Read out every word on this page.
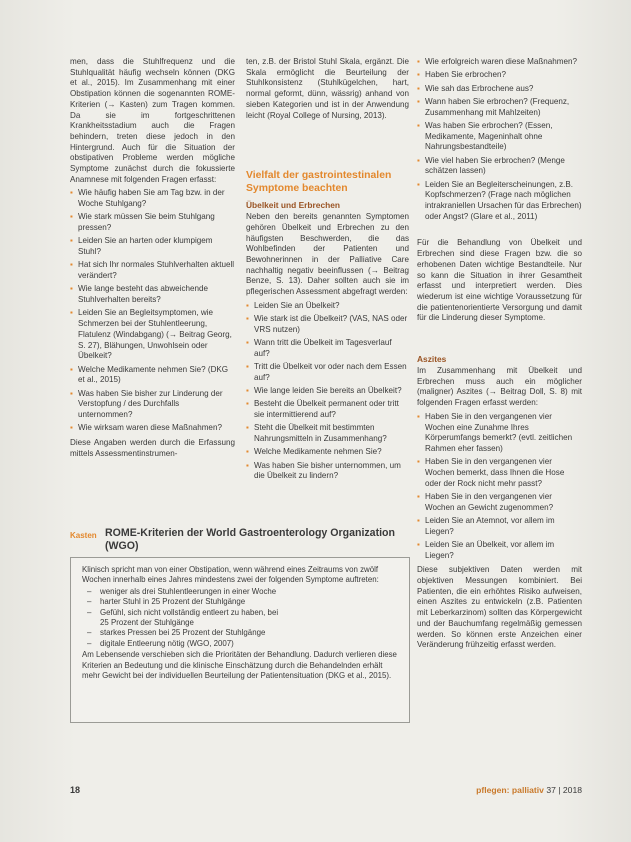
men, dass die Stuhlfrequenz und die Stuhlqualität häufig wechseln können (DKG et al., 2015). Im Zusammenhang mit einer Obstipation können die sogenannten ROME-Kriterien (→ Kasten) zum Tragen kommen. Da sie im fortgeschrittenen Krankheitsstadium auch die Fragen behindern, treten diese jedoch in den Hintergrund. Auch für die Situation der obstipativen Probleme werden mögliche Symptome zunächst durch die fokussierte Anamnese mit folgenden Fragen erfasst:

▪ Wie häufig haben Sie am Tag bzw. in der Woche Stuhlgang?
▪ Wie stark müssen Sie beim Stuhlgang pressen?
▪ Leiden Sie an harten oder klumpigem Stuhl?
▪ Hat sich Ihr normales Stuhlverhalten aktuell verändert?
▪ Wie lange besteht das abweichende Stuhlverhalten bereits?
▪ Leiden Sie an Begleitsymptomen, wie Schmerzen bei der Stuhlentleerung, Flatulenz (Windabgang) (→ Beitrag Georg, S. 27), Blähungen, Unwohlsein oder Übelkeit?
▪ Welche Medikamente nehmen Sie? (DKG et al., 2015)
▪ Was haben Sie bisher zur Linderung der Verstopfung / des Durchfalls unternommen?
▪ Wie wirksam waren diese Maßnahmen?

Diese Angaben werden durch die Erfassung mittels Assessmentinstrumen-

ten, z.B. der Bristol Stuhl Skala, ergänzt. Die Skala ermöglicht die Beurteilung der Stuhlkonsistenz (Stuhlkügelchen, hart, normal geformt, dünn, wässrig) anhand von sieben Kategorien und ist in der Anwendung leicht (Royal College of Nursing, 2013).

Vielfalt der gastrointestinalen Symptome beachten
Übelkeit und Erbrechen

Neben den bereits genannten Symptomen gehören Übelkeit und Erbrechen zu den häufigsten Beschwerden, die das Wohlbefinden der Patienten und Bewohnerinnen in der Palliative Care nachhaltig negativ beeinflussen (→ Beitrag Benze, S. 13). Daher sollten auch sie im pflegerischen Assessment abgefragt werden:

▪ Leiden Sie an Übelkeit?
▪ Wie stark ist die Übelkeit? (VAS, NAS oder VRS nutzen)
▪ Wann tritt die Übelkeit im Tagesverlauf auf?
▪ Tritt die Übelkeit vor oder nach dem Essen auf?
▪ Wie lange leiden Sie bereits an Übelkeit?
▪ Besteht die Übelkeit permanent oder tritt sie intermittierend auf?
▪ Steht die Übelkeit mit bestimmten Nahrungsmitteln in Zusammenhang?
▪ Welche Medikamente nehmen Sie?
▪ Was haben Sie bisher unternommen, um die Übelkeit zu lindern?
▪ Wie erfolgreich waren diese Maßnahmen?
▪ Haben Sie erbrochen?
▪ Wie sah das Erbrochene aus?
▪ Wann haben Sie erbrochen? (Frequenz, Zusammenhang mit Mahlzeiten)
▪ Was haben Sie erbrochen? (Essen, Medikamente, Mageninhalt ohne Nahrungsbestandteile)
▪ Wie viel haben Sie erbrochen? (Menge schätzen lassen)
▪ Leiden Sie an Begleiterscheinungen, z.B. Kopfschmerzen? (Frage nach möglichen intrakraniellen Ursachen für das Erbrechen) oder Angst? (Glare et al., 2011)

Für die Behandlung von Übelkeit und Erbrechen sind diese Fragen bzw. die so erhobenen Daten wichtige Bestandteile. Nur so kann die Situation in ihrer Gesamtheit erfasst und interpretiert werden. Dies wiederum ist eine wichtige Voraussetzung für die patientenorientierte Versorgung und damit für die Linderung dieser Symptome.

Aszites

Im Zusammenhang mit Übelkeit und Erbrechen muss auch ein möglicher (maligner) Aszites (→ Beitrag Doll, S. 8) mit folgenden Fragen erfasst werden:

▪ Haben Sie in den vergangenen vier Wochen eine Zunahme Ihres Körperumfangs bemerkt? (evtl. zeitlichen Rahmen eher fassen)
▪ Haben Sie in den vergangenen vier Wochen bemerkt, dass Ihnen die Hose oder der Rock nicht mehr passt?
▪ Haben Sie in den vergangenen vier Wochen an Gewicht zugenommen?
▪ Leiden Sie an Atemnot, vor allem im Liegen?
▪ Leiden Sie an Übelkeit, vor allem im Liegen?

Diese subjektiven Daten werden mit objektiven Messungen kombiniert. Bei Patienten, die ein erhöhtes Risiko aufweisen, einen Aszites zu entwickeln (z.B. Patienten mit Leberkarzinom) sollten das Körpergewicht und der Bauchumfang regelmäßig gemessen werden. So können erste Anzeichen einer Veränderung frühzeitig erfasst werden.

Kasten ROME-Kriterien der World Gastroenterology Organization (WGO)

Klinisch spricht man von einer Obstipation, wenn während eines Zeitraums von zwölf Wochen innerhalb eines Jahres mindestens zwei der folgenden Symptome auftreten:

– weniger als drei Stuhlentleerungen in einer Woche
– harter Stuhl in 25 Prozent der Stuhlgänge
– Gefühl, sich nicht vollständig entleert zu haben, bei 25 Prozent der Stuhlgänge
– starkes Pressen bei 25 Prozent der Stuhlgänge
– digitale Entleerung nötig (WGO, 2007)

Am Lebensende verschieben sich die Prioritäten der Behandlung. Dadurch verlieren diese Kriterien an Bedeutung und die klinische Einschätzung durch die Behandelnden erhält mehr Gewicht bei der individuellen Beurteilung der Patientensituation (DKG et al., 2015).

18	pflegen: palliativ 37 | 2018
